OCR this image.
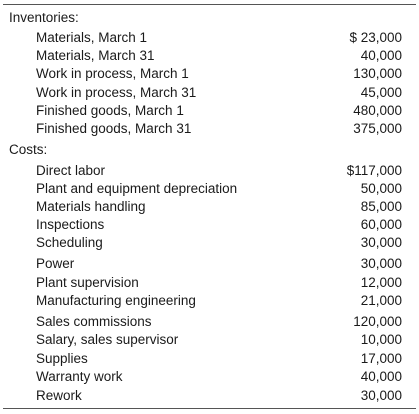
Inventories:
Materials, March 1	$ 23,000
Materials, March 31	40,000
Work in process, March 1	130,000
Work in process, March 31	45,000
Finished goods, March 1	480,000
Finished goods, March 31	375,000
Costs:
Direct labor	$117,000
Plant and equipment depreciation	50,000
Materials handling	85,000
Inspections	60,000
Scheduling	30,000
Power	30,000
Plant supervision	12,000
Manufacturing engineering	21,000
Sales commissions	120,000
Salary, sales supervisor	10,000
Supplies	17,000
Warranty work	40,000
Rework	30,000
